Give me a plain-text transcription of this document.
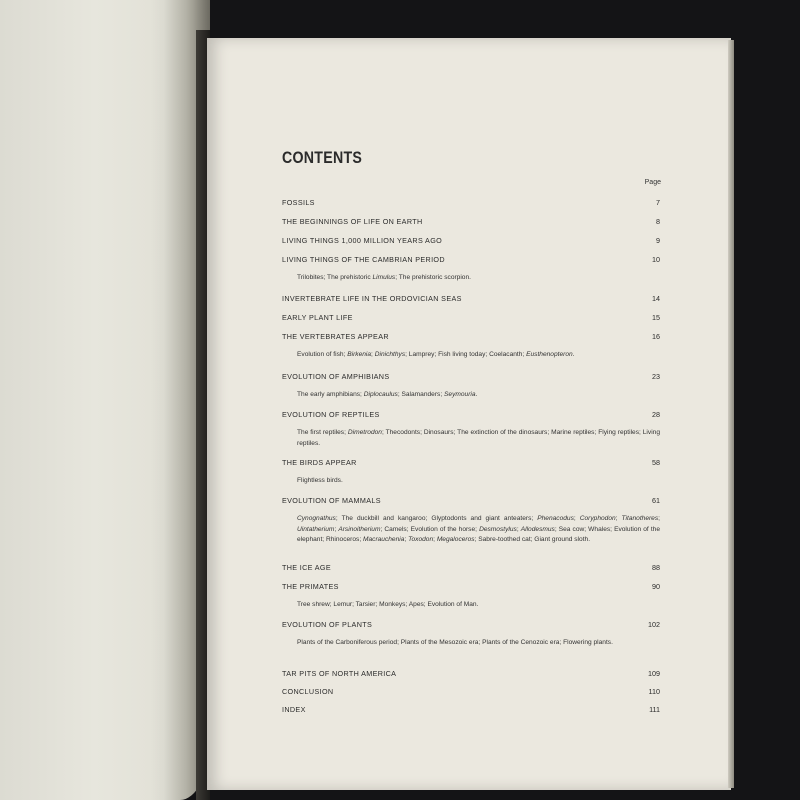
CONTENTS
Page
FOSSILS	7
THE BEGINNINGS OF LIFE ON EARTH	8
LIVING THINGS 1,000 MILLION YEARS AGO	9
LIVING THINGS OF THE CAMBRIAN PERIOD	10
Trilobites; The prehistoric Limulus; The prehistoric scorpion.
INVERTEBRATE LIFE IN THE ORDOVICIAN SEAS	14
EARLY PLANT LIFE	15
THE VERTEBRATES APPEAR	16
Evolution of fish; Birkenia; Dinichthys; Lamprey; Fish living today; Coelacanth; Eusthenopteron.
EVOLUTION OF AMPHIBIANS	23
The early amphibians; Diplocaulus; Salamanders; Seymouria.
EVOLUTION OF REPTILES	28
The first reptiles; Dimetrodon; Thecodonts; Dinosaurs; The extinction of the dinosaurs; Marine reptiles; Flying reptiles; Living reptiles.
THE BIRDS APPEAR	58
Flightless birds.
EVOLUTION OF MAMMALS	61
Cynognathus; The duckbill and kangaroo; Glyptodonts and giant anteaters; Phenacodus; Coryphodon; Titanotheres; Uintatherium; Arsinoitherium; Camels; Evolution of the horse; Desmostylus; Allodesmus; Sea cow; Whales; Evolution of the elephant; Rhinoceros; Macrauchenia; Toxodon; Megaloceros; Sabre-toothed cat; Giant ground sloth.
THE ICE AGE	88
THE PRIMATES	90
Tree shrew; Lemur; Tarsier; Monkeys; Apes; Evolution of Man.
EVOLUTION OF PLANTS	102
Plants of the Carboniferous period; Plants of the Mesozoic era; Plants of the Cenozoic era; Flowering plants.
TAR PITS OF NORTH AMERICA	109
CONCLUSION	110
INDEX	111
